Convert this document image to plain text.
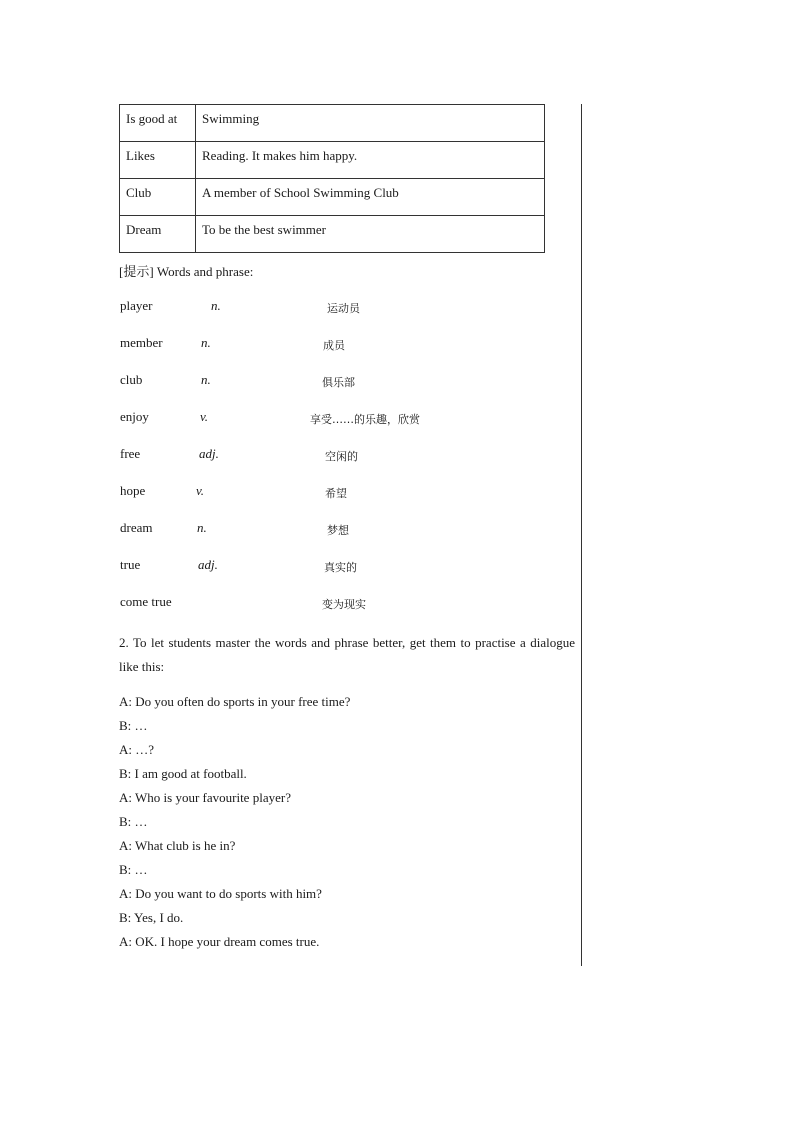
Is good at	Swimming
Likes	Reading. It makes him happy.
Club	A member of School Swimming Club
Dream	To be the best swimmer
[提示] Words and phrase:
player	n.	运动员
member	n.	成员
club	n.	俱乐部
enjoy	v.	享受……的乐趣，欣赏
free	adj.	空闲的
hope	v.	希望
dream	n.	梦想
true	adj.	真实的
come true	变为现实
2. To let students master the words and phrase better, get them to practise a dialogue like this:
A: Do you often do sports in your free time?
B: …
A: …?
B: I am good at football.
A: Who is your favourite player?
B: …
A: What club is he in?
B: …
A: Do you want to do sports with him?
B: Yes, I do.
A: OK. I hope your dream comes true.
